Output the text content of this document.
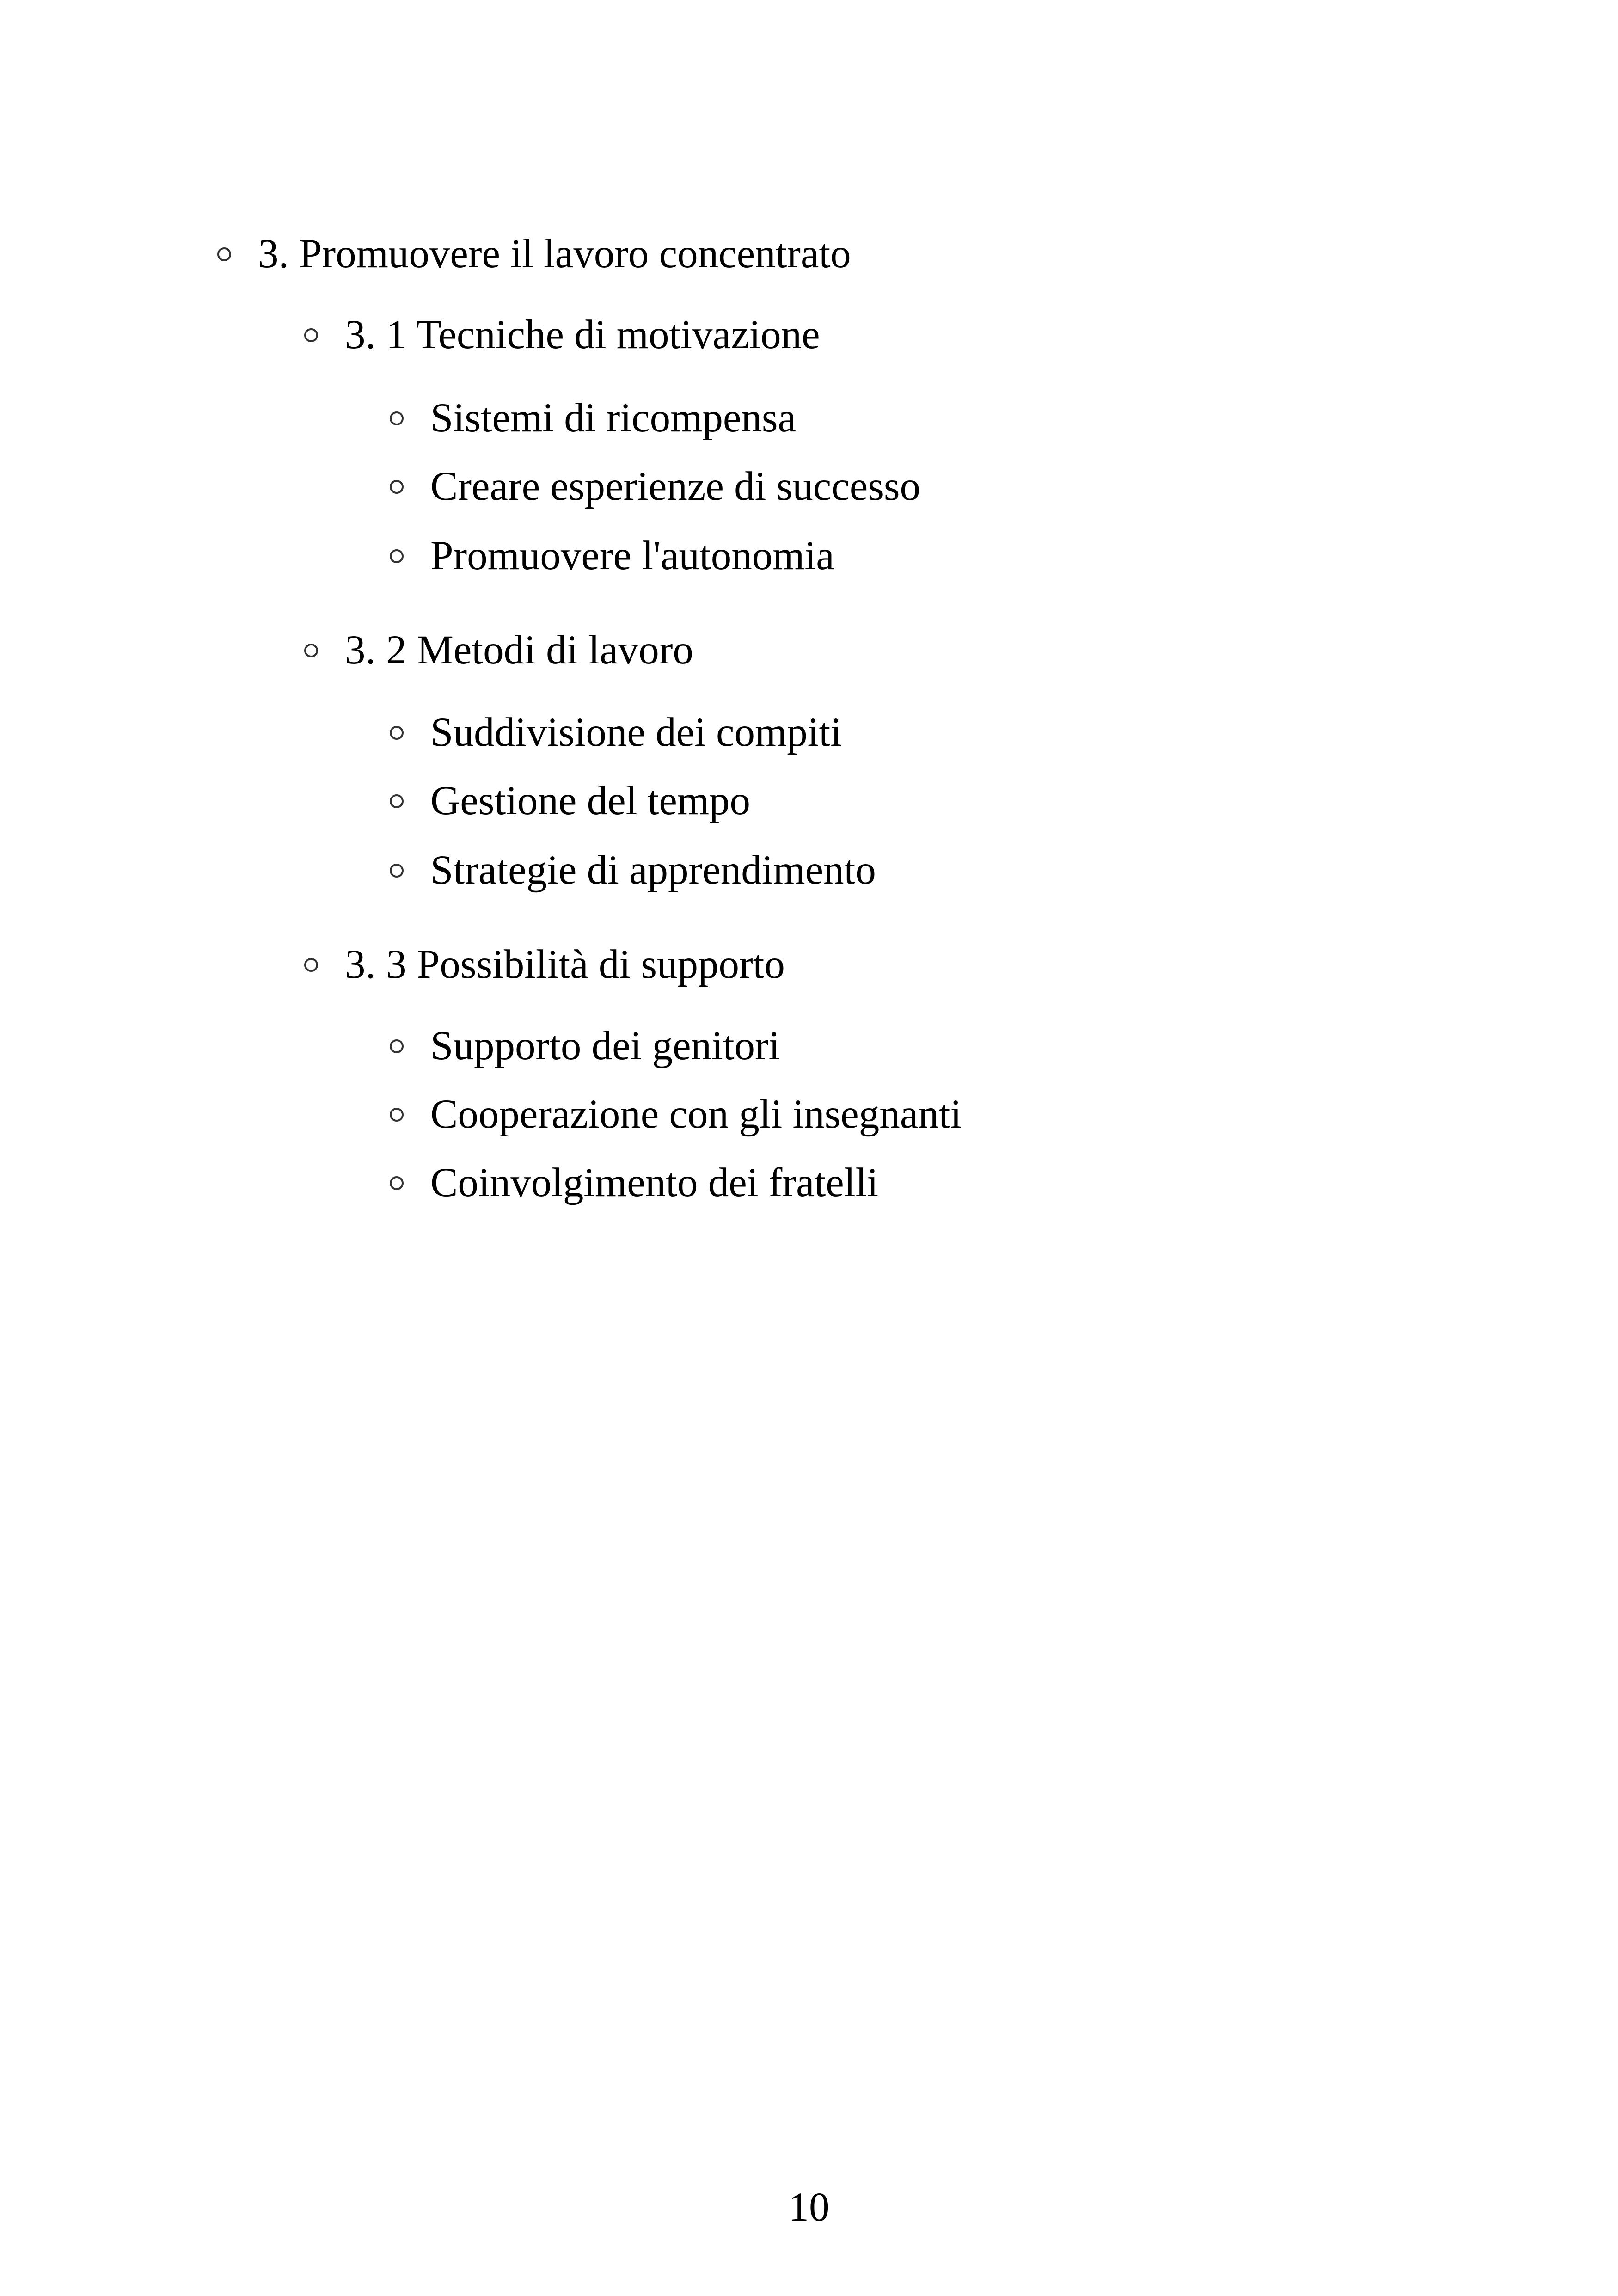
3. Promuovere il lavoro concentrato
3. 1 Tecniche di motivazione
Sistemi di ricompensa
Creare esperienze di successo
Promuovere l'autonomia
3. 2 Metodi di lavoro
Suddivisione dei compiti
Gestione del tempo
Strategie di apprendimento
3. 3 Possibilità di supporto
Supporto dei genitori
Cooperazione con gli insegnanti
Coinvolgimento dei fratelli
10
